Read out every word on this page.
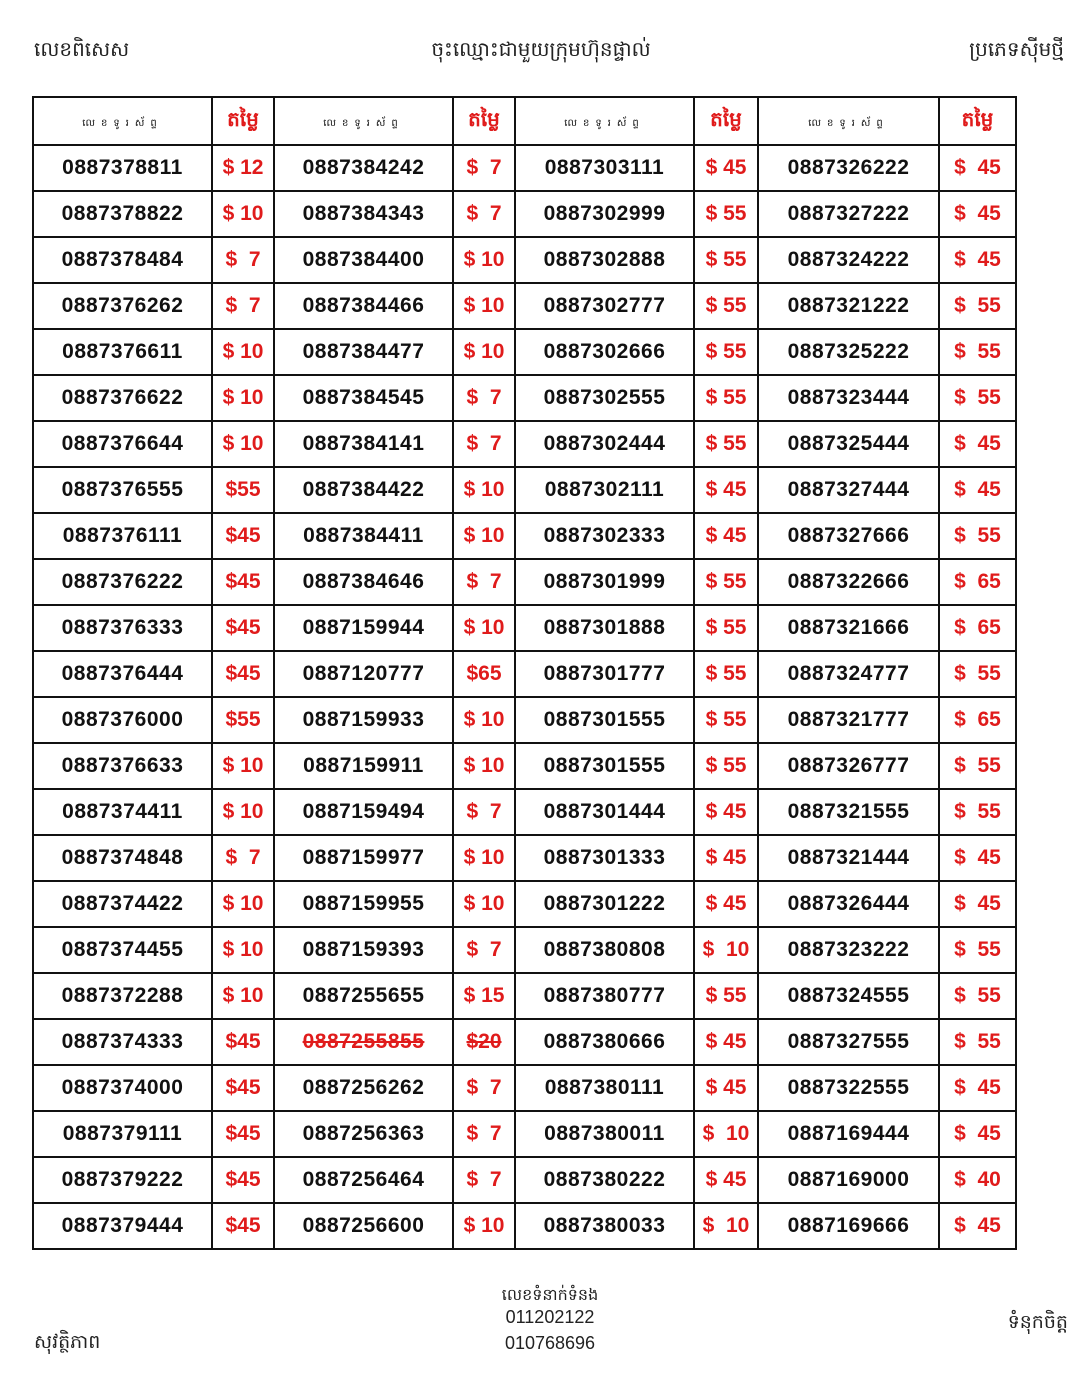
លេខពិសេស	ចុះឈ្មោះជាមួយក្រុមហ៊ុនផ្ទាល់	ប្រភេទស៊ីមថ្មី
លេខទូរស័ព្ទ	តម្លៃ	លេខទូរស័ព្ទ	តម្លៃ	លេខទូរស័ព្ទ	តម្លៃ	លេខទូរស័ព្ទ	តម្លៃ
0887378811	$ 12	0887384242	$  7	0887303111	$ 45	0887326222	$  45
0887378822	$ 10	0887384343	$  7	0887302999	$ 55	0887327222	$  45
0887378484	$  7	0887384400	$ 10	0887302888	$ 55	0887324222	$  45
0887376262	$  7	0887384466	$ 10	0887302777	$ 55	0887321222	$  55
0887376611	$ 10	0887384477	$ 10	0887302666	$ 55	0887325222	$  55
0887376622	$ 10	0887384545	$  7	0887302555	$ 55	0887323444	$  55
0887376644	$ 10	0887384141	$  7	0887302444	$ 55	0887325444	$  45
0887376555	$55	0887384422	$ 10	0887302111	$ 45	0887327444	$  45
0887376111	$45	0887384411	$ 10	0887302333	$ 45	0887327666	$  55
0887376222	$45	0887384646	$  7	0887301999	$ 55	0887322666	$  65
0887376333	$45	0887159944	$ 10	0887301888	$ 55	0887321666	$  65
0887376444	$45	0887120777	$65	0887301777	$ 55	0887324777	$  55
0887376000	$55	0887159933	$ 10	0887301555	$ 55	0887321777	$  65
0887376633	$ 10	0887159911	$ 10	0887301555	$ 55	0887326777	$  55
0887374411	$ 10	0887159494	$  7	0887301444	$ 45	0887321555	$  55
0887374848	$  7	0887159977	$ 10	0887301333	$ 45	0887321444	$  45
0887374422	$ 10	0887159955	$ 10	0887301222	$ 45	0887326444	$  45
0887374455	$ 10	0887159393	$  7	0887380808	$  10	0887323222	$  55
0887372288	$ 10	0887255655	$ 15	0887380777	$ 55	0887324555	$  55
0887374333	$45	0887255855	$20	0887380666	$ 45	0887327555	$  55
0887374000	$45	0887256262	$  7	0887380111	$ 45	0887322555	$  45
0887379111	$45	0887256363	$  7	0887380011	$  10	0887169444	$  45
0887379222	$45	0887256464	$  7	0887380222	$ 45	0887169000	$  40
0887379444	$45	0887256600	$ 10	0887380033	$  10	0887169666	$  45
លេខទំនាក់ទំនង
011202122
010768696
សុវត្ថិភាព
ទំនុកចិត្ត
